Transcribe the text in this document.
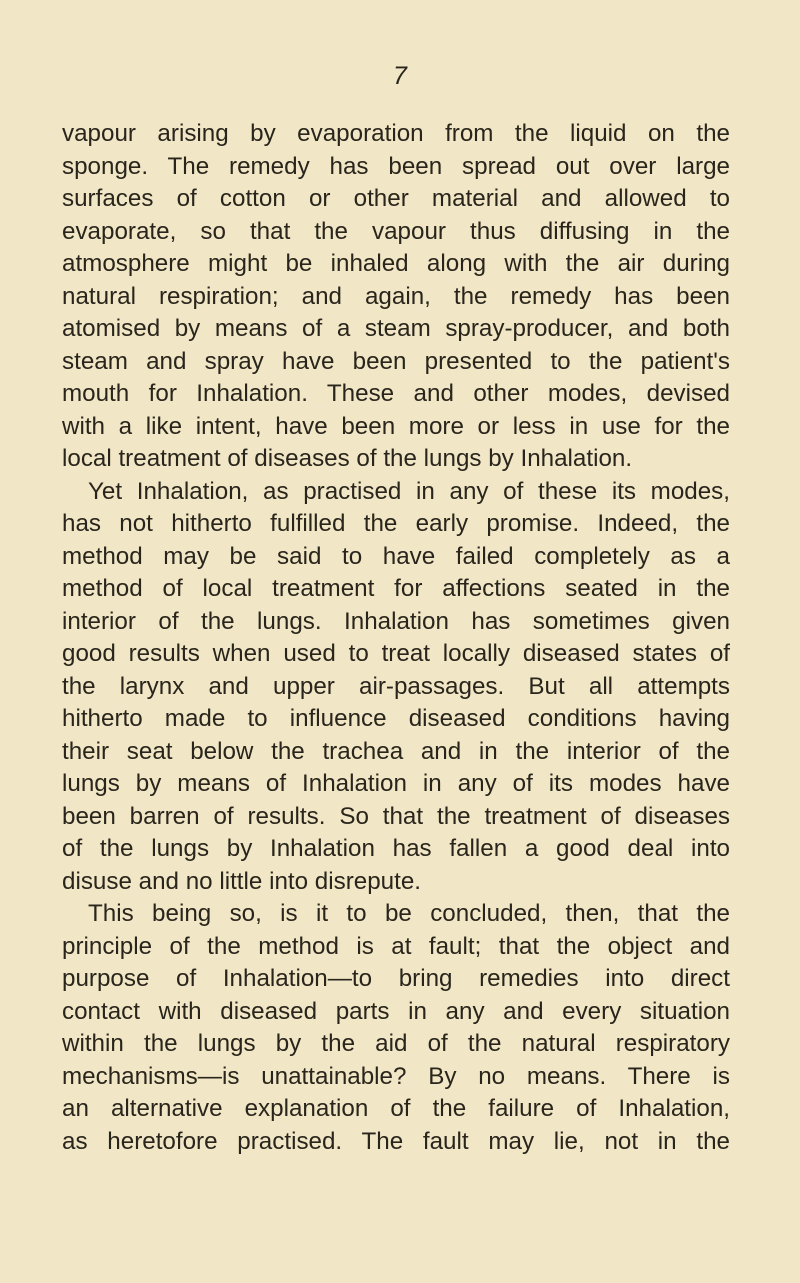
7
vapour arising by evaporation from the liquid on the
sponge. The remedy has been spread out over large
surfaces of cotton or other material and allowed to
evaporate, so that the vapour thus diffusing in the
atmosphere might be inhaled along with the air during
natural respiration; and again, the remedy has been
atomised by means of a steam spray-producer, and both
steam and spray have been presented to the patient's
mouth for Inhalation. These and other modes, devised
with a like intent, have been more or less in use for the
local treatment of diseases of the lungs by Inhalation.
Yet Inhalation, as practised in any of these its modes,
has not hitherto fulfilled the early promise. Indeed, the
method may be said to have failed completely as a
method of local treatment for affections seated in the
interior of the lungs. Inhalation has sometimes given
good results when used to treat locally diseased states of
the larynx and upper air-passages. But all attempts
hitherto made to influence diseased conditions having
their seat below the trachea and in the interior of the
lungs by means of Inhalation in any of its modes have
been barren of results. So that the treatment of diseases
of the lungs by Inhalation has fallen a good deal into
disuse and no little into disrepute.
This being so, is it to be concluded, then, that the
principle of the method is at fault; that the object and
purpose of Inhalation—to bring remedies into direct
contact with diseased parts in any and every situation
within the lungs by the aid of the natural respiratory
mechanisms—is unattainable? By no means. There is
an alternative explanation of the failure of Inhalation,
as heretofore practised. The fault may lie, not in the
